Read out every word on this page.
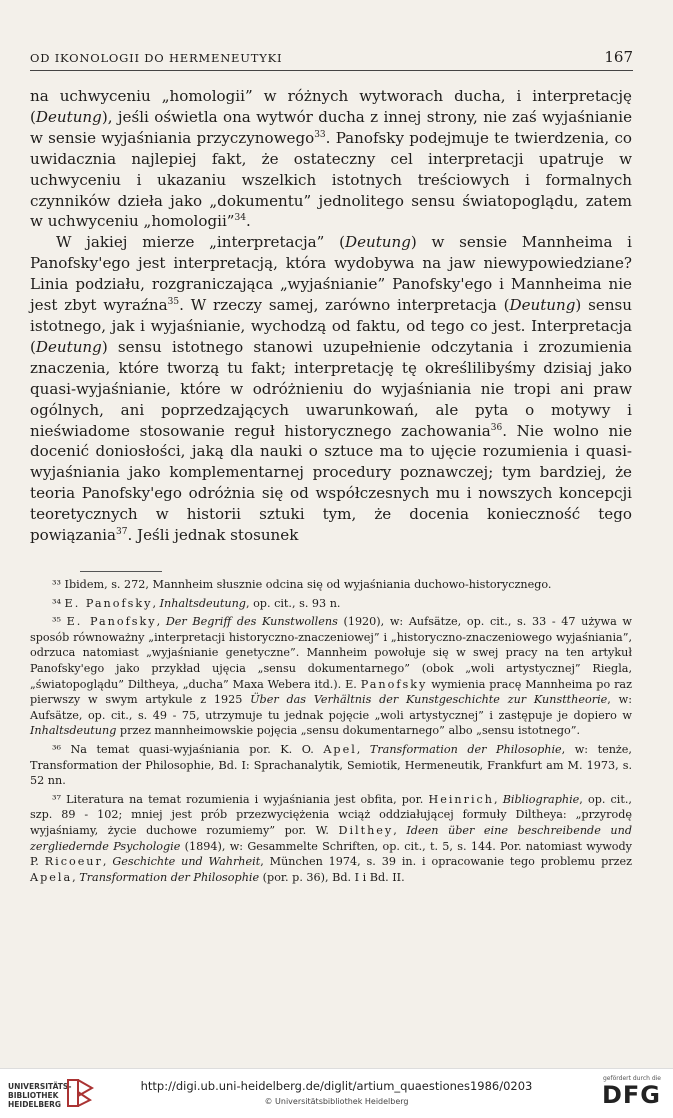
OD IKONOLOGII DO HERMENEUTYKI	167

na uchwyceniu „homologii” w różnych wytworach ducha, i interpretację (Deutung), jeśli oświetla ona wytwór ducha z innej strony, nie zaś wyjaśnianie w sensie wyjaśniania przyczynowego$^{33}$. Panofsky podejmuje te twierdzenia, co uwidacznia najlepiej fakt, że ostateczny cel interpretacji upatruje w uchwyceniu i ukazaniu wszelkich istotnych treściowych i formalnych czynników dzieła jako „dokumentu” jednolitego sensu światopoglądu, zatem w uchwyceniu „homologii”$^{34}$.

W jakiej mierze „interpretacja” (Deutung) w sensie Mannheima i Panofsky'ego jest interpretacją, która wydobywa na jaw niewypowiedziane? Linia podziału, rozgraniczająca „wyjaśnianie” Panofsky'ego i Mannheima nie jest zbyt wyraźna$^{35}$. W rzeczy samej, zarówno interpretacja (Deutung) sensu istotnego, jak i wyjaśnianie, wychodzą od faktu, od tego co jest. Interpretacja (Deutung) sensu istotnego stanowi uzupełnienie odczytania i zrozumienia znaczenia, które tworzą tu fakt; interpretację tę określilibyśmy dzisiaj jako quasi-wyjaśnianie, które w odróżnieniu do wyjaśniania nie tropi ani praw ogólnych, ani poprzedzających uwarunkowań, ale pyta o motywy i nieświadome stosowanie reguł historycznego zachowania$^{36}$. Nie wolno nie docenić doniosłości, jaką dla nauki o sztuce ma to ujęcie rozumienia i quasi-wyjaśniania jako komplementarnej procedury poznawczej; tym bardziej, że teoria Panofsky'ego odróżnia się od współczesnych mu i nowszych koncepcji teoretycznych w historii sztuki tym, że docenia konieczność tego powiązania$^{37}$. Jeśli jednak stosunek

³³ Ibidem, s. 272, Mannheim słusznie odcina się od wyjaśniania duchowo-historycznego.

³⁴ E. Panofsky, Inhaltsdeutung, op. cit., s. 93 n.

³⁵ E. Panofsky, Der Begriff des Kunstwollens (1920), w: Aufsätze, op. cit., s. 33 - 47 używa w sposób równoważny „interpretacji historyczno-znaczeniowej” i „historyczno-znaczeniowego wyjaśniania”, odrzuca natomiast „wyjaśnianie genetyczne”. Mannheim powołuje się w swej pracy na ten artykuł Panofsky'ego jako przykład ujęcia „sensu dokumentarnego” (obok „woli artystycznej” Riegla, „światopoglądu” Diltheya, „ducha” Maxa Webera itd.). E. Panofsky wymienia pracę Mannheima po raz pierwszy w swym artykule z 1925 Über das Verhältnis der Kunstgeschichte zur Kunsttheorie, w: Aufsätze, op. cit., s. 49 - 75, utrzymuje tu jednak pojęcie „woli artystycznej” i zastępuje je dopiero w Inhaltsdeutung przez mannheimowskie pojęcia „sensu dokumentarnego” albo „sensu istotnego”.

³⁶ Na temat quasi-wyjaśniania por. K. O. Apel, Transformation der Philosophie, w: tenże, Transformation der Philosophie, Bd. I: Sprachanalytik, Semiotik, Hermeneutik, Frankfurt am M. 1973, s. 52 nn.

³⁷ Literatura na temat rozumienia i wyjaśniania jest obfita, por. Heinrich, Bibliographie, op. cit., szp. 89 - 102; mniej jest prób przezwyciężenia wciąż oddziałującej formuły Diltheya: „przyrodę wyjaśniamy, życie duchowe rozumiemy” por. W. Dilthey, Ideen über eine beschreibende und zergliedernde Psychologie (1894), w: Gesammelte Schriften, op. cit., t. 5, s. 144. Por. natomiast wywody P. Ricoeur, Geschichte und Wahrheit, München 1974, s. 39 in. i opracowanie tego problemu przez Apela, Transformation der Philosophie (por. p. 36), Bd. I i Bd. II.

UNIVERSITÄTS-
BIBLIOTHEK
HEIDELBERG
http://digi.ub.uni-heidelberg.de/diglit/artium_quaestiones1986/0203
© Universitätsbibliothek Heidelberg
gefördert durch die
DFG
